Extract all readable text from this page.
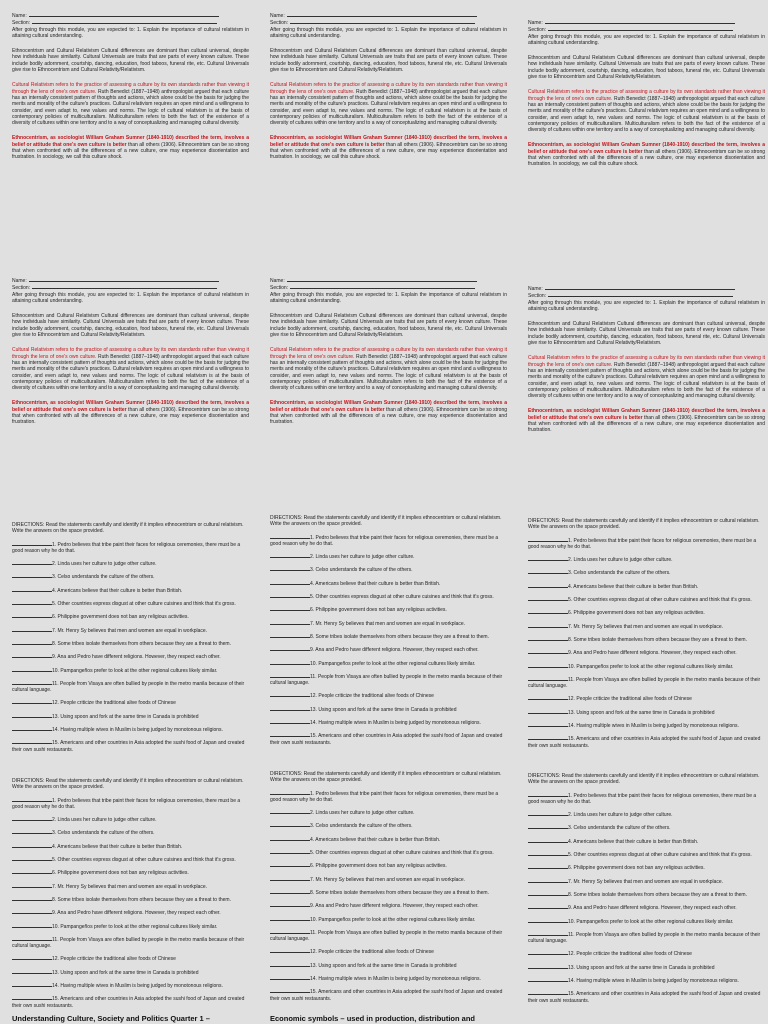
Name:

Section:

After going through this module, you are expected to: 1. Explain the importance of cultural relativism in attaining cultural understanding.

Ethnocentrism and Cultural Relativism Cultural differences are dominant than cultural universal, despite how individuals have similarity. Cultural Universals are traits that are parts of every known culture. These include bodily adornment, courtship, dancing, education, food taboos, funeral rite, etc. Cultural Universals give rise to Ethnocentrism and Cultural Relativity/Relativism.

Cultural Relativism refers to the practice of assessing a culture by its own standards rather than viewing it through the lens of one's own culture. Ruth Benedict (1887–1948) anthropologist argued that each culture has an internally consistent pattern of thoughts and actions, which alone could be the basis for judging the merits and morality of the culture's practices. Cultural relativism requires an open mind and a willingness to consider, and even adapt to, new values and norms. The logic of cultural relativism is at the basis of contemporary policies of multiculturalism. Multiculturalism refers to both the fact of the existence of a diversity of cultures within one territory and to a way of conceptualizing and managing cultural diversity.

Ethnocentrism, as sociologist William Graham Sumner (1840-1910) described the term, involves a belief or attitude that one's own culture is better than all others (1906). Ethnocentrism can be so strong that when confronted with all the differences of a new culture, one may experience disorientation and frustration. In sociology, we call this culture shock.

Name:

Section:

After going through this module, you are expected to: 1. Explain the importance of cultural relativism in attaining cultural understanding.

Ethnocentrism and Cultural Relativism Cultural differences are dominant than cultural universal, despite how individuals have similarity. Cultural Universals are traits that are parts of every known culture. These include bodily adornment, courtship, dancing, education, food taboos, funeral rite, etc. Cultural Universals give rise to Ethnocentrism and Cultural Relativity/Relativism.

Cultural Relativism refers to the practice of assessing a culture by its own standards rather than viewing it through the lens of one's own culture. Ruth Benedict (1887–1948) anthropologist argued that each culture has an internally consistent pattern of thoughts and actions, which alone could be the basis for judging the merits and morality of the culture's practices. Cultural relativism requires an open mind and a willingness to consider, and even adapt to, new values and norms. The logic of cultural relativism is at the basis of contemporary policies of multiculturalism. Multiculturalism refers to both the fact of the existence of a diversity of cultures within one territory and to a way of conceptualizing and managing cultural diversity.

Ethnocentrism, as sociologist William Graham Sumner (1840-1910) described the term, involves a belief or attitude that one's own culture is better than all others (1906). Ethnocentrism can be so strong that when confronted with all the differences of a new culture, one may experience disorientation and frustration. In sociology, we call this culture shock.

Name:

Section:

After going through this module, you are expected to: 1. Explain the importance of cultural relativism in attaining cultural understanding.

Ethnocentrism and Cultural Relativism Cultural differences are dominant than cultural universal, despite how individuals have similarity. Cultural Universals are traits that are parts of every known culture. These include bodily adornment, courtship, dancing, education, food taboos, funeral rite, etc. Cultural Universals give rise to Ethnocentrism and Cultural Relativity/Relativism.

Cultural Relativism refers to the practice of assessing a culture by its own standards rather than viewing it through the lens of one's own culture. Ruth Benedict (1887–1948) anthropologist argued that each culture has an internally consistent pattern of thoughts and actions, which alone could be the basis for judging the merits and morality of the culture's practices. Cultural relativism requires an open mind and a willingness to consider, and even adapt to, new values and norms. The logic of cultural relativism is at the basis of contemporary policies of multiculturalism. Multiculturalism refers to both the fact of the existence of a diversity of cultures within one territory and to a way of conceptualizing and managing cultural diversity.

Ethnocentrism, as sociologist William Graham Sumner (1840-1910) described the term, involves a belief or attitude that one's own culture is better than all others (1906). Ethnocentrism can be so strong that when confronted with all the differences of a new culture, one may experience disorientation and frustration. In sociology, we call this culture shock.

Name:

Section:

After going through this module, you are expected to: 1. Explain the importance of cultural relativism in attaining cultural understanding.

Ethnocentrism and Cultural Relativism Cultural differences are dominant than cultural universal, despite how individuals have similarity. Cultural Universals are traits that are parts of every known culture. These include bodily adornment, courtship, dancing, education, food taboos, funeral rite, etc. Cultural Universals give rise to Ethnocentrism and Cultural Relativity/Relativism.

Cultural Relativism refers to the practice of assessing a culture by its own standards rather than viewing it through the lens of one's own culture. Ruth Benedict (1887–1948) anthropologist argued that each culture has an internally consistent pattern of thoughts and actions, which alone could be the basis for judging the merits and morality of the culture's practices. Cultural relativism requires an open mind and a willingness to consider, and even adapt to, new values and norms. The logic of cultural relativism is at the basis of contemporary policies of multiculturalism. Multiculturalism refers to both the fact of the existence of a diversity of cultures within one territory and to a way of conceptualizing and managing cultural diversity.

Ethnocentrism, as sociologist William Graham Sumner (1840-1910) described the term, involves a belief or attitude that one's own culture is better than all others (1906). Ethnocentrism can be so strong that when confronted with all the differences of a new culture, one may experience disorientation and frustration.

Name:

Section:

After going through this module, you are expected to: 1. Explain the importance of cultural relativism in attaining cultural understanding.

Ethnocentrism and Cultural Relativism Cultural differences are dominant than cultural universal, despite how individuals have similarity. Cultural Universals are traits that are parts of every known culture. These include bodily adornment, courtship, dancing, education, food taboos, funeral rite, etc. Cultural Universals give rise to Ethnocentrism and Cultural Relativity/Relativism.

Cultural Relativism refers to the practice of assessing a culture by its own standards rather than viewing it through the lens of one's own culture. Ruth Benedict (1887–1948) anthropologist argued that each culture has an internally consistent pattern of thoughts and actions, which alone could be the basis for judging the merits and morality of the culture's practices. Cultural relativism requires an open mind and a willingness to consider, and even adapt to, new values and norms. The logic of cultural relativism is at the basis of contemporary policies of multiculturalism. Multiculturalism refers to both the fact of the existence of a diversity of cultures within one territory and to a way of conceptualizing and managing cultural diversity.

Ethnocentrism, as sociologist William Graham Sumner (1840-1910) described the term, involves a belief or attitude that one's own culture is better than all others (1906). Ethnocentrism can be so strong that when confronted with all the differences of a new culture, one may experience disorientation and frustration.

Name:

Section:

After going through this module, you are expected to: 1. Explain the importance of cultural relativism in attaining cultural understanding.

Ethnocentrism and Cultural Relativism Cultural differences are dominant than cultural universal, despite how individuals have similarity. Cultural Universals are traits that are parts of every known culture. These include bodily adornment, courtship, dancing, education, food taboos, funeral rite, etc. Cultural Universals give rise to Ethnocentrism and Cultural Relativity/Relativism.

Cultural Relativism refers to the practice of assessing a culture by its own standards rather than viewing it through the lens of one's own culture. Ruth Benedict (1887–1948) anthropologist argued that each culture has an internally consistent pattern of thoughts and actions, which alone could be the basis for judging the merits and morality of the culture's practices. Cultural relativism requires an open mind and a willingness to consider, and even adapt to, new values and norms. The logic of cultural relativism is at the basis of contemporary policies of multiculturalism. Multiculturalism refers to both the fact of the existence of a diversity of cultures within one territory and to a way of conceptualizing and managing cultural diversity.

Ethnocentrism, as sociologist William Graham Sumner (1840-1910) described the term, involves a belief or attitude that one's own culture is better than all others (1906). Ethnocentrism can be so strong that when confronted with all the differences of a new culture, one may experience disorientation and frustration.

DIRECTIONS: Read the statements carefully and identify if it implies ethnocentrism or cultural relativism. Write the answers on the space provided.

1. Pedro believes that tribe paint their faces for religious ceremonies, there must be a good reason why he do that.

2. Linda uses her culture to judge other culture.

3. Celso understands the culture of the others.

4. Americans believe that their culture is better than British.

5. Other countries express disgust at other culture cuisines and think that it's gross.

6. Philippine government does not ban any religious activities.

7. Mr. Henry Sy believes that men and women are equal in workplace.

8. Some tribes isolate themselves from others because they are a threat to them.

9. Ana and Pedro have different religions. However, they respect each other.

10. Pampangeños prefer to look at the other regional cultures likely similar.

11. People from Visaya are often bullied by people in the metro manila because of their cultural language.

12. People criticize the traditional alive foods of Chinese

13. Using spoon and fork at the same time in Canada is prohibited

14. Having multiple wives in Muslim is being judged by monotonous religions.

15. Americans and other countries in Asia adopted the sushi food of Japan and created their own sushi restaurants.

DIRECTIONS: Read the statements carefully and identify if it implies ethnocentrism or cultural relativism. Write the answers on the space provided.

1. Pedro believes that tribe paint their faces for religious ceremonies, there must be a good reason why he do that.

2. Linda uses her culture to judge other culture.

3. Celso understands the culture of the others.

4. Americans believe that their culture is better than British.

5. Other countries express disgust at other culture cuisines and think that it's gross.

6. Philippine government does not ban any religious activities.

7. Mr. Henry Sy believes that men and women are equal in workplace.

8. Some tribes isolate themselves from others because they are a threat to them.

9. Ana and Pedro have different religions. However, they respect each other.

10. Pampangeños prefer to look at the other regional cultures likely similar.

11. People from Visaya are often bullied by people in the metro manila because of their cultural language.

12. People criticize the traditional alive foods of Chinese

13. Using spoon and fork at the same time in Canada is prohibited

14. Having multiple wives in Muslim is being judged by monotonous religions.

15. Americans and other countries in Asia adopted the sushi food of Japan and created their own sushi restaurants.

DIRECTIONS: Read the statements carefully and identify if it implies ethnocentrism or cultural relativism. Write the answers on the space provided.

1. Pedro believes that tribe paint their faces for religious ceremonies, there must be a good reason why he do that.

2. Linda uses her culture to judge other culture.

3. Celso understands the culture of the others.

4. Americans believe that their culture is better than British.

5. Other countries express disgust at other culture cuisines and think that it's gross.

6. Philippine government does not ban any religious activities.

7. Mr. Henry Sy believes that men and women are equal in workplace.

8. Some tribes isolate themselves from others because they are a threat to them.

9. Ana and Pedro have different religions. However, they respect each other.

10. Pampangeños prefer to look at the other regional cultures likely similar.

11. People from Visaya are often bullied by people in the metro manila because of their cultural language.

12. People criticize the traditional alive foods of Chinese

13. Using spoon and fork at the same time in Canada is prohibited

14. Having multiple wives in Muslim is being judged by monotonous religions.

15. Americans and other countries in Asia adopted the sushi food of Japan and created their own sushi restaurants.

DIRECTIONS: Read the statements carefully and identify if it implies ethnocentrism or cultural relativism. Write the answers on the space provided.

1. Pedro believes that tribe paint their faces for religious ceremonies, there must be a good reason why he do that.

2. Linda uses her culture to judge other culture.

3. Celso understands the culture of the others.

4. Americans believe that their culture is better than British.

5. Other countries express disgust at other culture cuisines and think that it's gross.

6. Philippine government does not ban any religious activities.

7. Mr. Henry Sy believes that men and women are equal in workplace.

8. Some tribes isolate themselves from others because they are a threat to them.

9. Ana and Pedro have different religions. However, they respect each other.

10. Pampangeños prefer to look at the other regional cultures likely similar.

11. People from Visaya are often bullied by people in the metro manila because of their cultural language.

12. People criticize the traditional alive foods of Chinese

13. Using spoon and fork at the same time in Canada is prohibited

14. Having multiple wives in Muslim is being judged by monotonous religions.

15. Americans and other countries in Asia adopted the sushi food of Japan and created their own sushi restaurants.

DIRECTIONS: Read the statements carefully and identify if it implies ethnocentrism or cultural relativism. Write the answers on the space provided.

1. Pedro believes that tribe paint their faces for religious ceremonies, there must be a good reason why he do that.

2. Linda uses her culture to judge other culture.

3. Celso understands the culture of the others.

4. Americans believe that their culture is better than British.

5. Other countries express disgust at other culture cuisines and think that it's gross.

6. Philippine government does not ban any religious activities.

7. Mr. Henry Sy believes that men and women are equal in workplace.

8. Some tribes isolate themselves from others because they are a threat to them.

9. Ana and Pedro have different religions. However, they respect each other.

10. Pampangeños prefer to look at the other regional cultures likely similar.

11. People from Visaya are often bullied by people in the metro manila because of their cultural language.

12. People criticize the traditional alive foods of Chinese

13. Using spoon and fork at the same time in Canada is prohibited

14. Having multiple wives in Muslim is being judged by monotonous religions.

15. Americans and other countries in Asia adopted the sushi food of Japan and created their own sushi restaurants.

DIRECTIONS: Read the statements carefully and identify if it implies ethnocentrism or cultural relativism. Write the answers on the space provided.

1. Pedro believes that tribe paint their faces for religious ceremonies, there must be a good reason why he do that.

2. Linda uses her culture to judge other culture.

3. Celso understands the culture of the others.

4. Americans believe that their culture is better than British.

5. Other countries express disgust at other culture cuisines and think that it's gross.

6. Philippine government does not ban any religious activities.

7. Mr. Henry Sy believes that men and women are equal in workplace.

8. Some tribes isolate themselves from others because they are a threat to them.

9. Ana and Pedro have different religions. However, they respect each other.

10. Pampangeños prefer to look at the other regional cultures likely similar.

11. People from Visaya are often bullied by people in the metro manila because of their cultural language.

12. People criticize the traditional alive foods of Chinese

13. Using spoon and fork at the same time in Canada is prohibited

14. Having multiple wives in Muslim is being judged by monotonous religions.

15. Americans and other countries in Asia adopted the sushi food of Japan and created their own sushi restaurants.

Understanding Culture, Society and Politics Quarter 1 –	Economic symbols – used in production, distribution and
